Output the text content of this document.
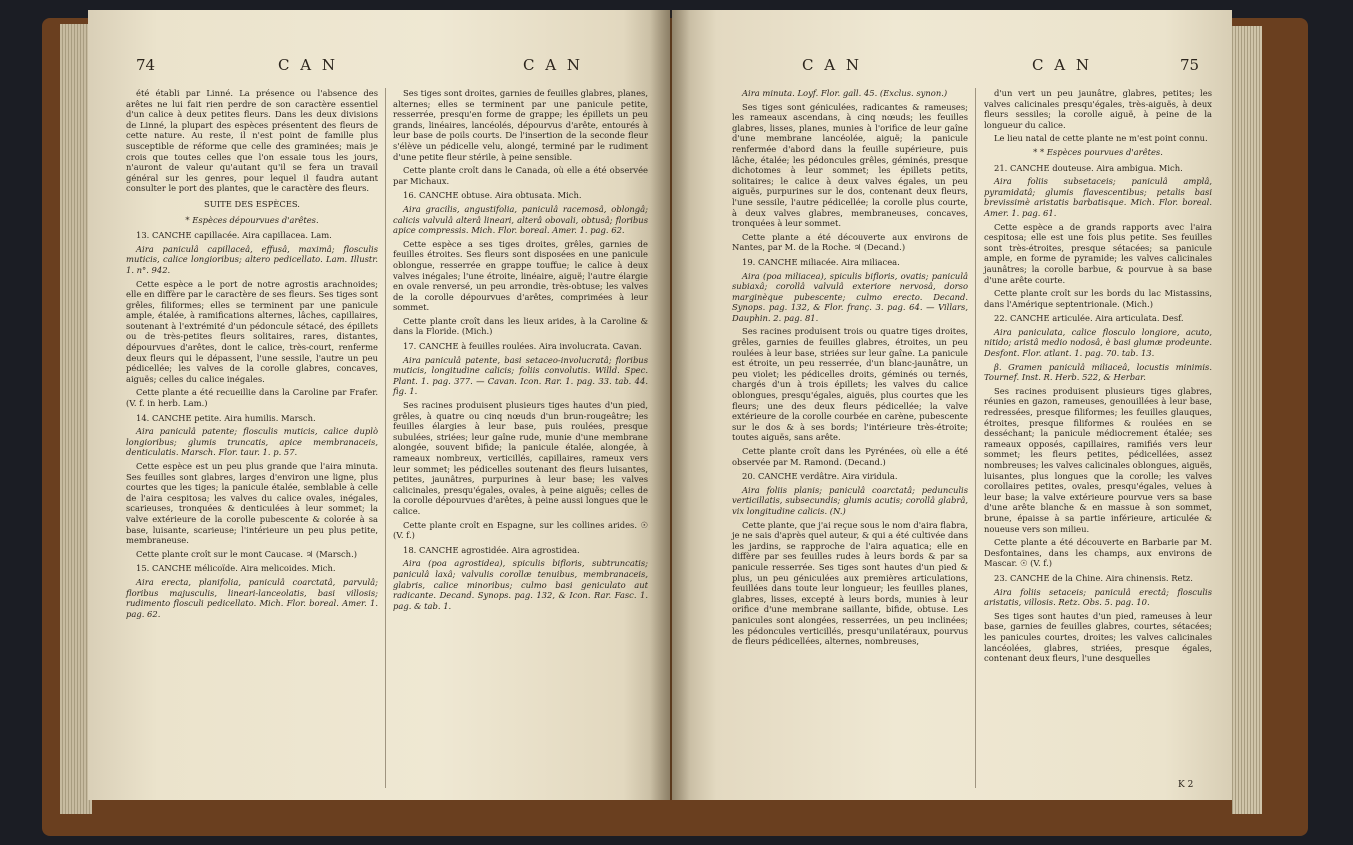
74	C A N	C A N

été établi par Linné. La présence ou l'absence des arêtes ne lui fait rien perdre de son caractère essentiel d'un calice à deux petites fleurs. Dans les deux divisions de Linné, la plupart des espèces présentent des fleurs de cette nature. Au reste, il n'est point de famille plus susceptible de réforme que celle des graminées; mais je crois que toutes celles que l'on essaie tous les jours, n'auront de valeur qu'autant qu'il se fera un travail général sur les genres, pour lequel il faudra autant consulter le port des plantes, que le caractère des fleurs.

SUITE DES ESPÈCES.

* Espèces dépourvues d'arêtes.

13. CANCHE capillacée. Aira capillacea. Lam.

Aira paniculâ capillaceâ, effusâ, maximâ; flosculis muticis, calice longioribus; altero pedicellato. Lam. Illustr. 1. n°. 942.

Cette espèce a le port de notre agrostis arachnoides; elle en diffère par le caractère de ses fleurs. Ses tiges sont grêles, filiformes; elles se terminent par une panicule ample, étalée, à ramifications alternes, lâches, capillaires, soutenant à l'extrémité d'un pédoncule sétacé, des épillets ou de très-petites fleurs solitaires, rares, distantes, dépourvues d'arêtes, dont le calice, très-court, renferme deux fleurs qui le dépassent, l'une sessile, l'autre un peu pédicellée; les valves de la corolle glabres, concaves, aiguës; celles du calice inégales.

Cette plante a été recueillie dans la Caroline par Frafer. (V. f. in herb. Lam.)

14. CANCHE petite. Aira humilis. Marsch.

Aira paniculâ patente; flosculis muticis, calice duplò longioribus; glumis truncatis, apice membranaceis, denticulatis. Marsch. Flor. taur. 1. p. 57.

Cette espèce est un peu plus grande que l'aira minuta. Ses feuilles sont glabres, larges d'environ une ligne, plus courtes que les tiges; la panicule étalée, semblable à celle de l'aira cespitosa; les valves du calice ovales, inégales, scarieuses, tronquées & denticulées à leur sommet; la valve extérieure de la corolle pubescente & colorée à sa base, luisante, scarieuse; l'intérieure un peu plus petite, membraneuse.

Cette plante croît sur le mont Caucase. ♃ (Marsch.)

15. CANCHE mélicoïde. Aira melicoides. Mich.

Aira erecta, planifolia, paniculâ coarctatâ, parvulâ; floribus majusculis, lineari-lanceolatis, basi villosis; rudimento flosculi pedicellato. Mich. Flor. boreal. Amer. 1. pag. 62.

Ses tiges sont droites, garnies de feuilles glabres, planes, alternes; elles se terminent par une panicule petite, resserrée, presqu'en forme de grappe; les épillets un peu grands, linéaires, lancéolés, dépourvus d'arête, entourés à leur base de poils courts. De l'insertion de la seconde fleur s'élève un pédicelle velu, alongé, terminé par le rudiment d'une petite fleur stérile, à peine sensible.

Cette plante croît dans le Canada, où elle a été observée par Michaux.

16. CANCHE obtuse. Aira obtusata. Mich.

Aira gracilis, angustifolia, paniculâ racemosâ, oblongâ; calicis valvulâ alterâ lineari, alterâ obovali, obtusâ; floribus apice compressis. Mich. Flor. boreal. Amer. 1. pag. 62.

Cette espèce a ses tiges droites, grêles, garnies de feuilles étroites. Ses fleurs sont disposées en une panicule oblongue, resserrée en grappe touffue; le calice à deux valves inégales; l'une étroite, linéaire, aiguë; l'autre élargie en ovale renversé, un peu arrondie, très-obtuse; les valves de la corolle dépourvues d'arêtes, comprimées à leur sommet.

Cette plante croît dans les lieux arides, à la Caroline & dans la Floride. (Mich.)

17. CANCHE à feuilles roulées. Aira involucrata. Cavan.

Aira paniculâ patente, basi setaceo-involucratâ; floribus muticis, longitudine calicis; foliis convolutis. Willd. Spec. Plant. 1. pag. 377. — Cavan. Icon. Rar. 1. pag. 33. tab. 44. fig. 1.

Ses racines produisent plusieurs tiges hautes d'un pied, grêles, à quatre ou cinq nœuds d'un brun-rougeâtre; les feuilles élargies à leur base, puis roulées, presque subulées, striées; leur gaîne rude, munie d'une membrane alongée, souvent bifide; la panicule étalée, alongée, à rameaux nombreux, verticillés, capillaires, rameux vers leur sommet; les pédicelles soutenant des fleurs luisantes, petites, jaunâtres, purpurines à leur base; les valves calicinales, presqu'égales, ovales, à peine aiguës; celles de la corolle dépourvues d'arêtes, à peine aussi longues que le calice.

Cette plante croît en Espagne, sur les collines arides. ☉ (V. f.)

18. CANCHE agrostidée. Aira agrostidea.

Aira (poa agrostidea), spiculis bifloris, subtruncatis; paniculâ laxâ; valvulis corollæ tenuibus, membranaceis, glabris, calice minoribus; culmo basi geniculato aut radicante. Decand. Synops. pag. 132, & Icon. Rar. Fasc. 1. pag. & tab. 1.

C A N	C A N	75

Aira minuta. Loyf. Flor. gall. 45. (Exclus. synon.)

Ses tiges sont géniculées, radicantes & rameuses; les rameaux ascendans, à cinq nœuds; les feuilles glabres, lisses, planes, munies à l'orifice de leur gaîne d'une membrane lancéolée, aiguë; la panicule renfermée d'abord dans la feuille supérieure, puis lâche, étalée; les pédoncules grêles, géminés, presque dichotomes à leur sommet; les épillets petits, solitaires; le calice à deux valves égales, un peu aiguës, purpurines sur le dos, contenant deux fleurs, l'une sessile, l'autre pédicellée; la corolle plus courte, à deux valves glabres, membraneuses, concaves, tronquées à leur sommet.

Cette plante a été découverte aux environs de Nantes, par M. de la Roche. ♃ (Decand.)

19. CANCHE miliacée. Aira miliacea.

Aira (poa miliacea), spiculis bifloris, ovatis; paniculâ subiaxâ; corollâ valvulâ exteriore nervosâ, dorso marginèque pubescente; culmo erecto. Decand. Synops. pag. 132, & Flor. franç. 3. pag. 64. — Villars, Dauphin. 2. pag. 81.

Ses racines produisent trois ou quatre tiges droites, grêles, garnies de feuilles glabres, étroites, un peu roulées à leur base, striées sur leur gaîne. La panicule est étroite, un peu resserrée, d'un blanc-jaunâtre, un peu violet; les pédicelles droits, géminés ou ternés, chargés d'un à trois épillets; les valves du calice oblongues, presqu'égales, aiguës, plus courtes que les fleurs; une des deux fleurs pédicellée; la valve extérieure de la corolle courbée en carène, pubescente sur le dos & à ses bords; l'intérieure très-étroite; toutes aiguës, sans arête.

Cette plante croît dans les Pyrénées, où elle a été observée par M. Ramond. (Decand.)

20. CANCHE verdâtre. Aira viridula.

Aira foliis planis; paniculâ coarctatâ; pedunculis verticillatis, subsecundis; glumis acutis; corollâ glabrâ, vix longitudine calicis. (N.)

Cette plante, que j'ai reçue sous le nom d'aira flabra, je ne sais d'après quel auteur, & qui a été cultivée dans les jardins, se rapproche de l'aira aquatica; elle en diffère par ses feuilles rudes à leurs bords & par sa panicule resserrée. Ses tiges sont hautes d'un pied & plus, un peu géniculées aux premières articulations, feuillées dans toute leur longueur; les feuilles planes, glabres, lisses, excepté à leurs bords, munies à leur orifice d'une membrane saillante, bifide, obtuse. Les panicules sont alongées, resserrées, un peu inclinées; les pédoncules verticillés, presqu'unilatéraux, pourvus de fleurs pédicellées, alternes, nombreuses,

d'un vert un peu jaunâtre, glabres, petites; les valves calicinales presqu'égales, très-aiguës, à deux fleurs sessiles; la corolle aiguë, à peine de la longueur du calice.

Le lieu natal de cette plante ne m'est point connu.

* * Espèces pourvues d'arêtes.

21. CANCHE douteuse. Aira ambigua. Mich.

Aira foliis subsetaceis; paniculâ amplâ, pyramidatâ; glumis flavescentibus; petalis basi brevissimè aristatis barbatisque. Mich. Flor. boreal. Amer. 1. pag. 61.

Cette espèce a de grands rapports avec l'aira cespitosa; elle est une fois plus petite. Ses feuilles sont très-étroites, presque sétacées; sa panicule ample, en forme de pyramide; les valves calicinales jaunâtres; la corolle barbue, & pourvue à sa base d'une arête courte.

Cette plante croît sur les bords du lac Mistassins, dans l'Amérique septentrionale. (Mich.)

22. CANCHE articulée. Aira articulata. Desf.

Aira paniculata, calice flosculo longiore, acuto, nitido; aristâ medio nodosâ, è basi glumæ prodeunte. Desfont. Flor. atlant. 1. pag. 70. tab. 13.

β. Gramen paniculâ miliaceâ, locustis minimis. Tournef. Inst. R. Herb. 522, & Herbar.

Ses racines produisent plusieurs tiges glabres, réunies en gazon, rameuses, genouillées à leur base, redressées, presque filiformes; les feuilles glauques, étroites, presque filiformes & roulées en se desséchant; la panicule médiocrement étalée; ses rameaux opposés, capillaires, ramifiés vers leur sommet; les fleurs petites, pédicellées, assez nombreuses; les valves calicinales oblongues, aiguës, luisantes, plus longues que la corolle; les valves corollaires petites, ovales, presqu'égales, velues à leur base; la valve extérieure pourvue vers sa base d'une arête blanche & en massue à son sommet, brune, épaisse à sa partie inférieure, articulée & noueuse vers son milieu.

Cette plante a été découverte en Barbarie par M. Desfontaines, dans les champs, aux environs de Mascar. ☉ (V. f.)

23. CANCHE de la Chine. Aira chinensis. Retz.

Aira foliis setaceis; paniculâ erectâ; flosculis aristatis, villosis. Retz. Obs. 5. pag. 10.

Ses tiges sont hautes d'un pied, rameuses à leur base, garnies de feuilles glabres, courtes, sétacées; les panicules courtes, droites; les valves calicinales lancéolées, glabres, striées, presque égales, contenant deux fleurs, l'une desquelles

K 2
